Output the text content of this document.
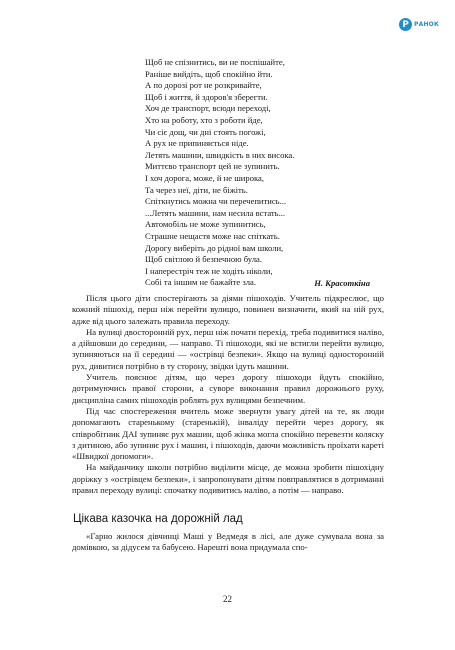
Р РАНОК
Щоб не спізнитись, ви не поспішайте,
Раніше вийдіть, щоб спокійно йти.
А по дорозі рот не розкривайте,
Щоб і життя, й здоров'я зберегти.
Хоч де транспорт, всюди переході,
Хто на роботу, хто з роботи йде,
Чи сіє дощ, чи дні стоять погожі,
А рух не припиняється ніде.
Летять машини, швидкість в них висока.
Миттєво транспорт цей не зупинить.
І хоч дорога, може, й не широка,
Та через неї, діти, не біжіть.
Спіткнутись можна чи перечепитись...
...Летять машини, нам несила встать...
Автомобіль не може зупинитись,
Страшне нещастя може нас спіткать.
Дорогу виберіть до рідної вам школи,
Щоб світлою й безпечною була.
І наперестріч теж не ходіть ніколи,
Собі та іншим не бажайте зла.	Н. Красоткіна

Після цього діти спостерігають за діями пішоходів. Учитель підкреслює, що кожний пішохід, перш ніж перейти вулицю, повинен визначити, який на ній рух, адже від цього залежать правила переходу.

На вулиці двосторонній рух, перш ніж почати перехід, треба подивитися наліво, а дійшовши до середини, — направо. Ті пішоходи, які не встигли перейти вулицю, зупиняються на її середині — «острівці безпеки». Якщо на вулиці односторонній рух, дивитися потрібно в ту сторону, звідки ідуть машини.

Учитель пояснює дітям, що через дорогу пішоходи йдуть спокійно, дотримуючись правої сторони, а суворе виконання правил дорожнього руху, дисципліна самих пішоходів роблять рух вулицями безпечним.

Під час спостереження вчитель може звернути увагу дітей на те, як люди допомагають старенькому (старенькій), інваліду перейти через дорогу, як співробітник ДАІ зупиняє рух машин, щоб жінка могла спокійно перевезти коляску з дитиною, або зупиняє рух і машин, і пішоходів, даючи можливість проїхати кареті «Швидкої допомоги».

На майданчику школи потрібно виділити місце, де можна зробити пішохідну доріжку з «острівцем безпеки», і запропонувати дітям повправлятися в дотриманні правил переходу вулиці: спочатку подивитись наліво, а потім — направо.

Цікава казочка на дорожній лад

«Гарно жилося дівчинці Маші у Ведмедя в лісі, але дуже сумувала вона за домівкою, за дідусем та бабусею. Нарешті вона придумала спо-

22
